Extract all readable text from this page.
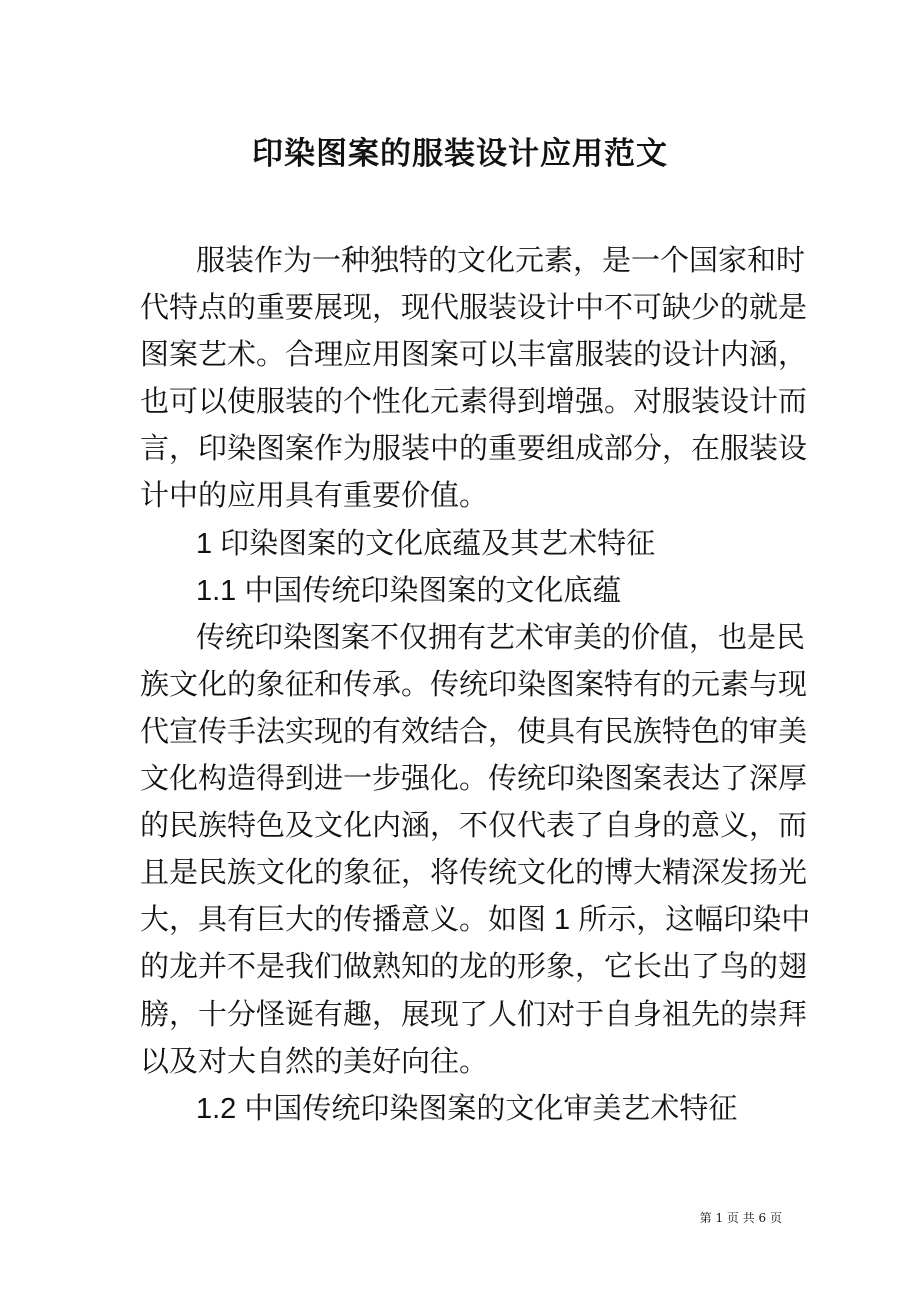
印染图案的服装设计应用范文
服装作为一种独特的文化元素，是一个国家和时
代特点的重要展现，现代服装设计中不可缺少的就是
图案艺术。合理应用图案可以丰富服装的设计内涵，
也可以使服装的个性化元素得到增强。对服装设计而
言，印染图案作为服装中的重要组成部分，在服装设
计中的应用具有重要价值。
1 印染图案的文化底蕴及其艺术特征
1.1 中国传统印染图案的文化底蕴
传统印染图案不仅拥有艺术审美的价值，也是民
族文化的象征和传承。传统印染图案特有的元素与现
代宣传手法实现的有效结合，使具有民族特色的审美
文化构造得到进一步强化。传统印染图案表达了深厚
的民族特色及文化内涵，不仅代表了自身的意义，而
且是民族文化的象征，将传统文化的博大精深发扬光
大，具有巨大的传播意义。如图 1 所示，这幅印染中
的龙并不是我们做熟知的龙的形象，它长出了鸟的翅
膀，十分怪诞有趣，展现了人们对于自身祖先的崇拜
以及对大自然的美好向往。
1.2 中国传统印染图案的文化审美艺术特征
第 1 页 共 6 页
